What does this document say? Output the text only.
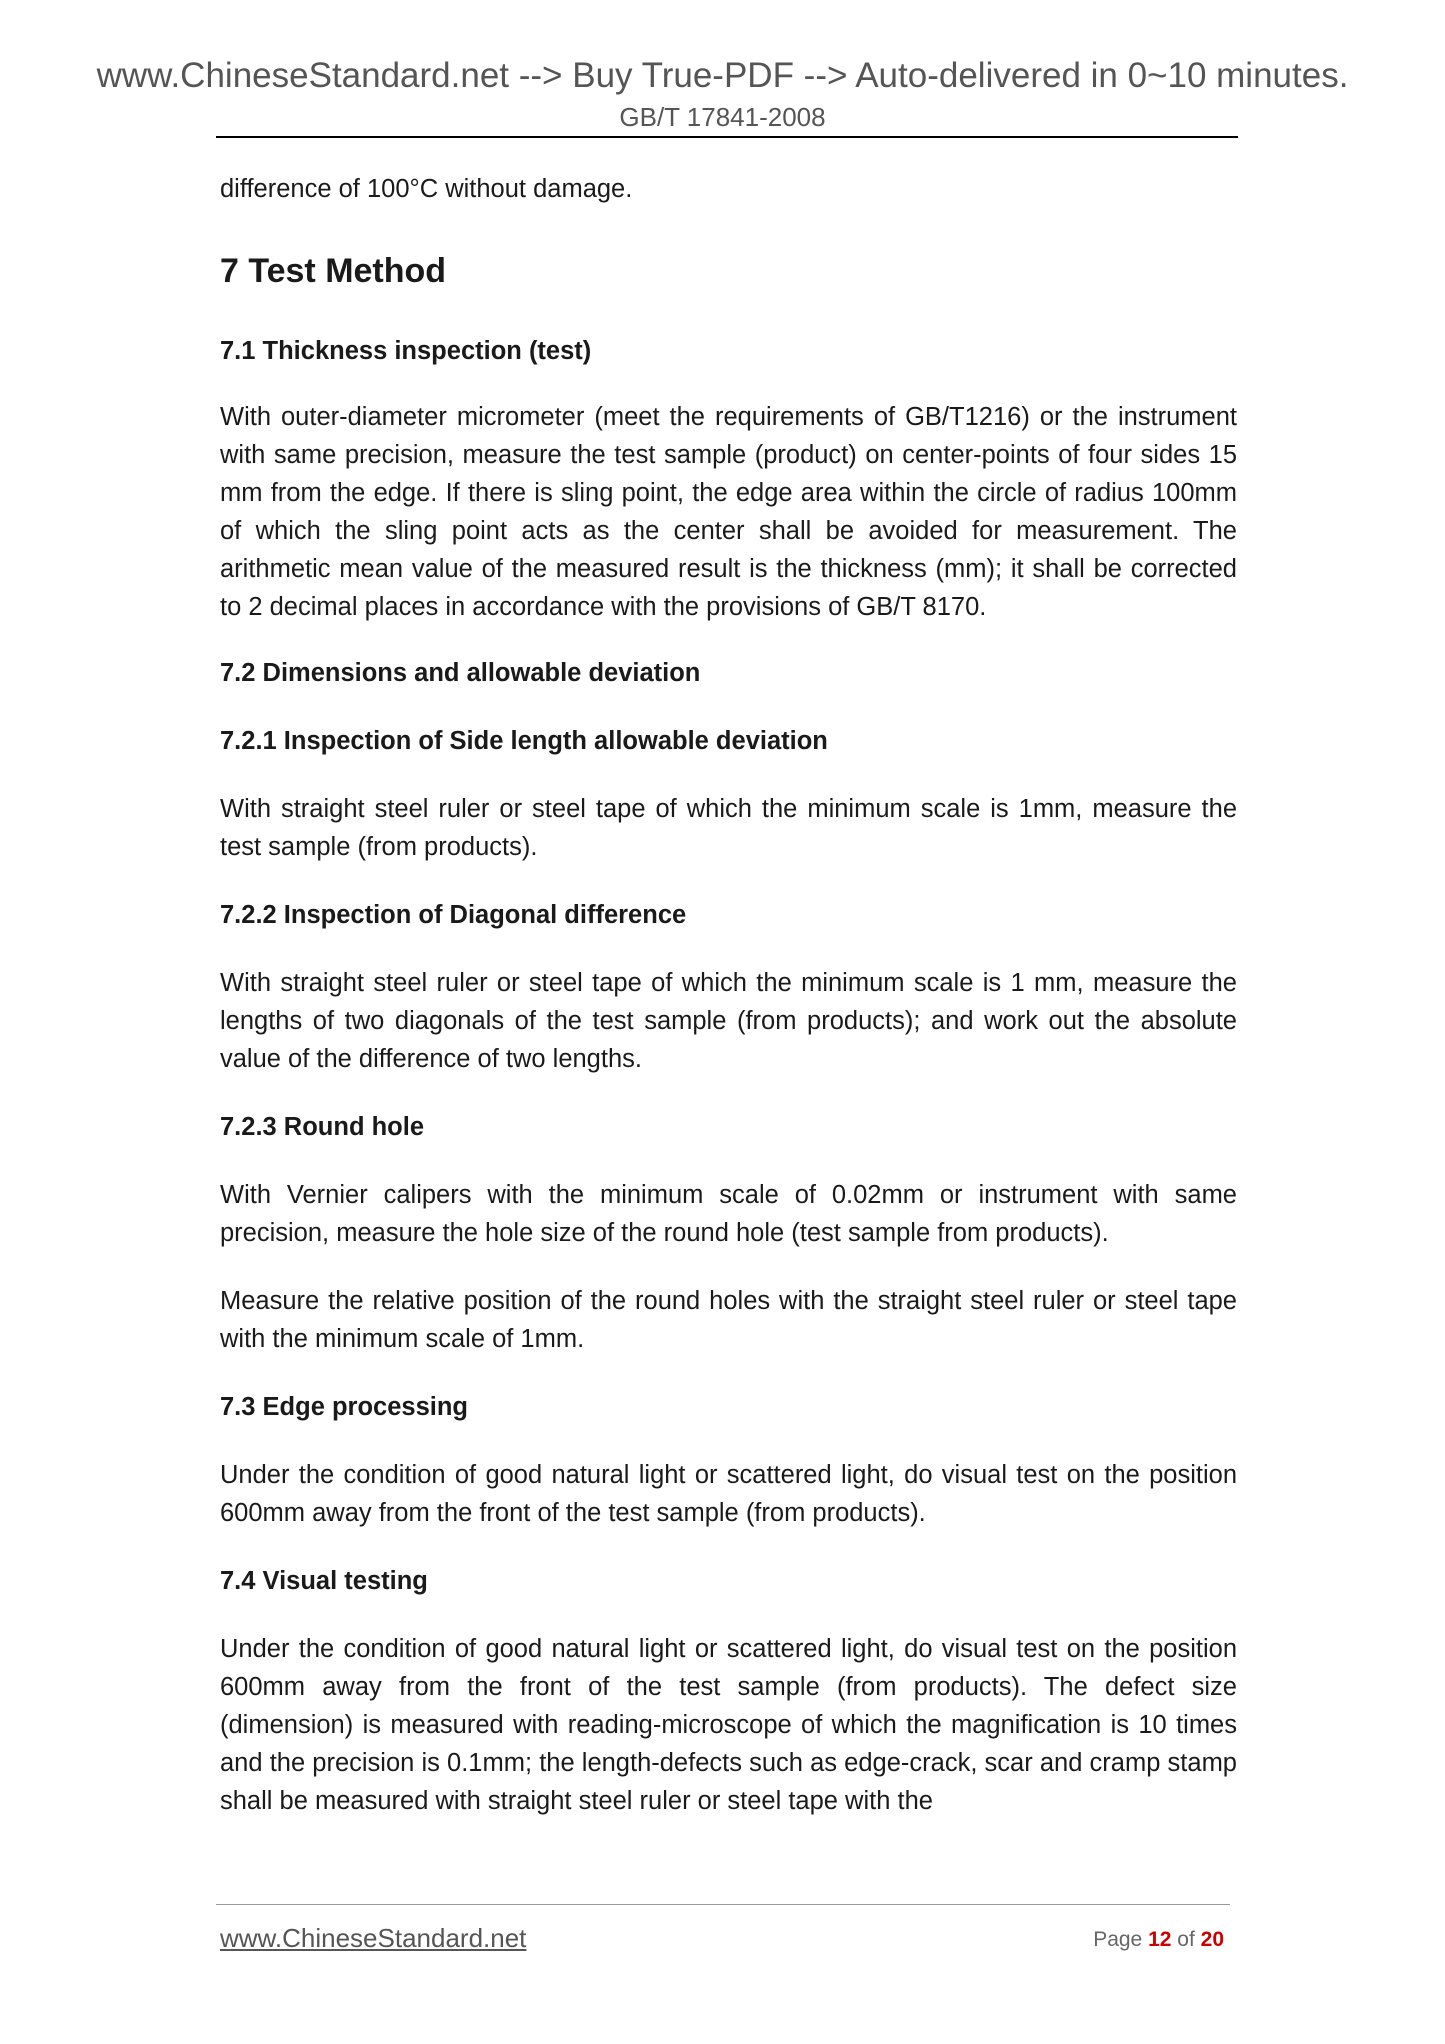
www.ChineseStandard.net --> Buy True-PDF --> Auto-delivered in 0~10 minutes.
GB/T 17841-2008

difference of 100°C without damage.

7 Test Method
7.1 Thickness inspection (test)

With outer-diameter micrometer (meet the requirements of GB/T1216) or the instrument with same precision, measure the test sample (product) on center-points of four sides 15 mm from the edge. If there is sling point, the edge area within the circle of radius 100mm of which the sling point acts as the center shall be avoided for measurement. The arithmetic mean value of the measured result is the thickness (mm); it shall be corrected to 2 decimal places in accordance with the provisions of GB/T 8170.

7.2 Dimensions and allowable deviation
7.2.1 Inspection of Side length allowable deviation

With straight steel ruler or steel tape of which the minimum scale is 1mm, measure the test sample (from products).

7.2.2 Inspection of Diagonal difference

With straight steel ruler or steel tape of which the minimum scale is 1 mm, measure the lengths of two diagonals of the test sample (from products); and work out the absolute value of the difference of two lengths.

7.2.3 Round hole

With Vernier calipers with the minimum scale of 0.02mm or instrument with same precision, measure the hole size of the round hole (test sample from products).

Measure the relative position of the round holes with the straight steel ruler or steel tape with the minimum scale of 1mm.

7.3 Edge processing

Under the condition of good natural light or scattered light, do visual test on the position 600mm away from the front of the test sample (from products).

7.4 Visual testing

Under the condition of good natural light or scattered light, do visual test on the position 600mm away from the front of the test sample (from products). The defect size (dimension) is measured with reading-microscope of which the magnification is 10 times and the precision is 0.1mm; the length-defects such as edge-crack, scar and cramp stamp shall be measured with straight steel ruler or steel tape with the

www.ChineseStandard.net	Page 12 of 20
